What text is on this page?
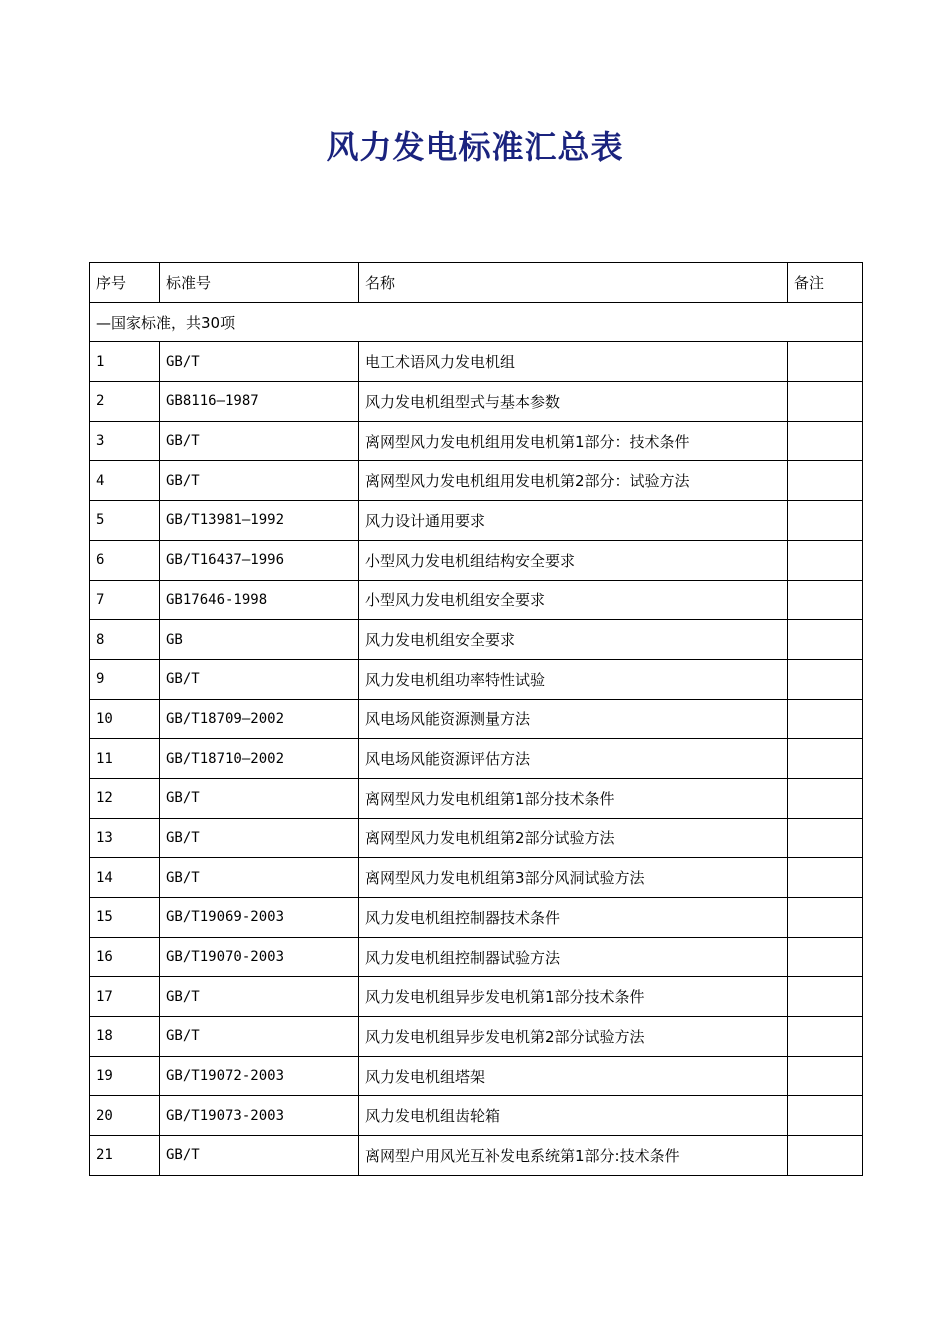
风力发电标准汇总表
序号	标准号	名称	备注
—国家标准，共30项			
1	GB/T	电工术语风力发电机组	
2	GB8116—1987	风力发电机组型式与基本参数	
3	GB/T	离网型风力发电机组用发电机第1部分：技术条件	
4	GB/T	离网型风力发电机组用发电机第2部分：试验方法	
5	GB/T13981—1992	风力设计通用要求	
6	GB/T16437—1996	小型风力发电机组结构安全要求	
7	GB17646-1998	小型风力发电机组安全要求	
8	GB	风力发电机组安全要求	
9	GB/T	风力发电机组功率特性试验	
10	GB/T18709—2002	风电场风能资源测量方法	
11	GB/T18710—2002	风电场风能资源评估方法	
12	GB/T	离网型风力发电机组第1部分技术条件	
13	GB/T	离网型风力发电机组第2部分试验方法	
14	GB/T	离网型风力发电机组第3部分风洞试验方法	
15	GB/T19069-2003	风力发电机组控制器技术条件	
16	GB/T19070-2003	风力发电机组控制器试验方法	
17	GB/T	风力发电机组异步发电机第1部分技术条件	
18	GB/T	风力发电机组异步发电机第2部分试验方法	
19	GB/T19072-2003	风力发电机组塔架	
20	GB/T19073-2003	风力发电机组齿轮箱	
21	GB/T	离网型户用风光互补发电系统第1部分:技术条件	
